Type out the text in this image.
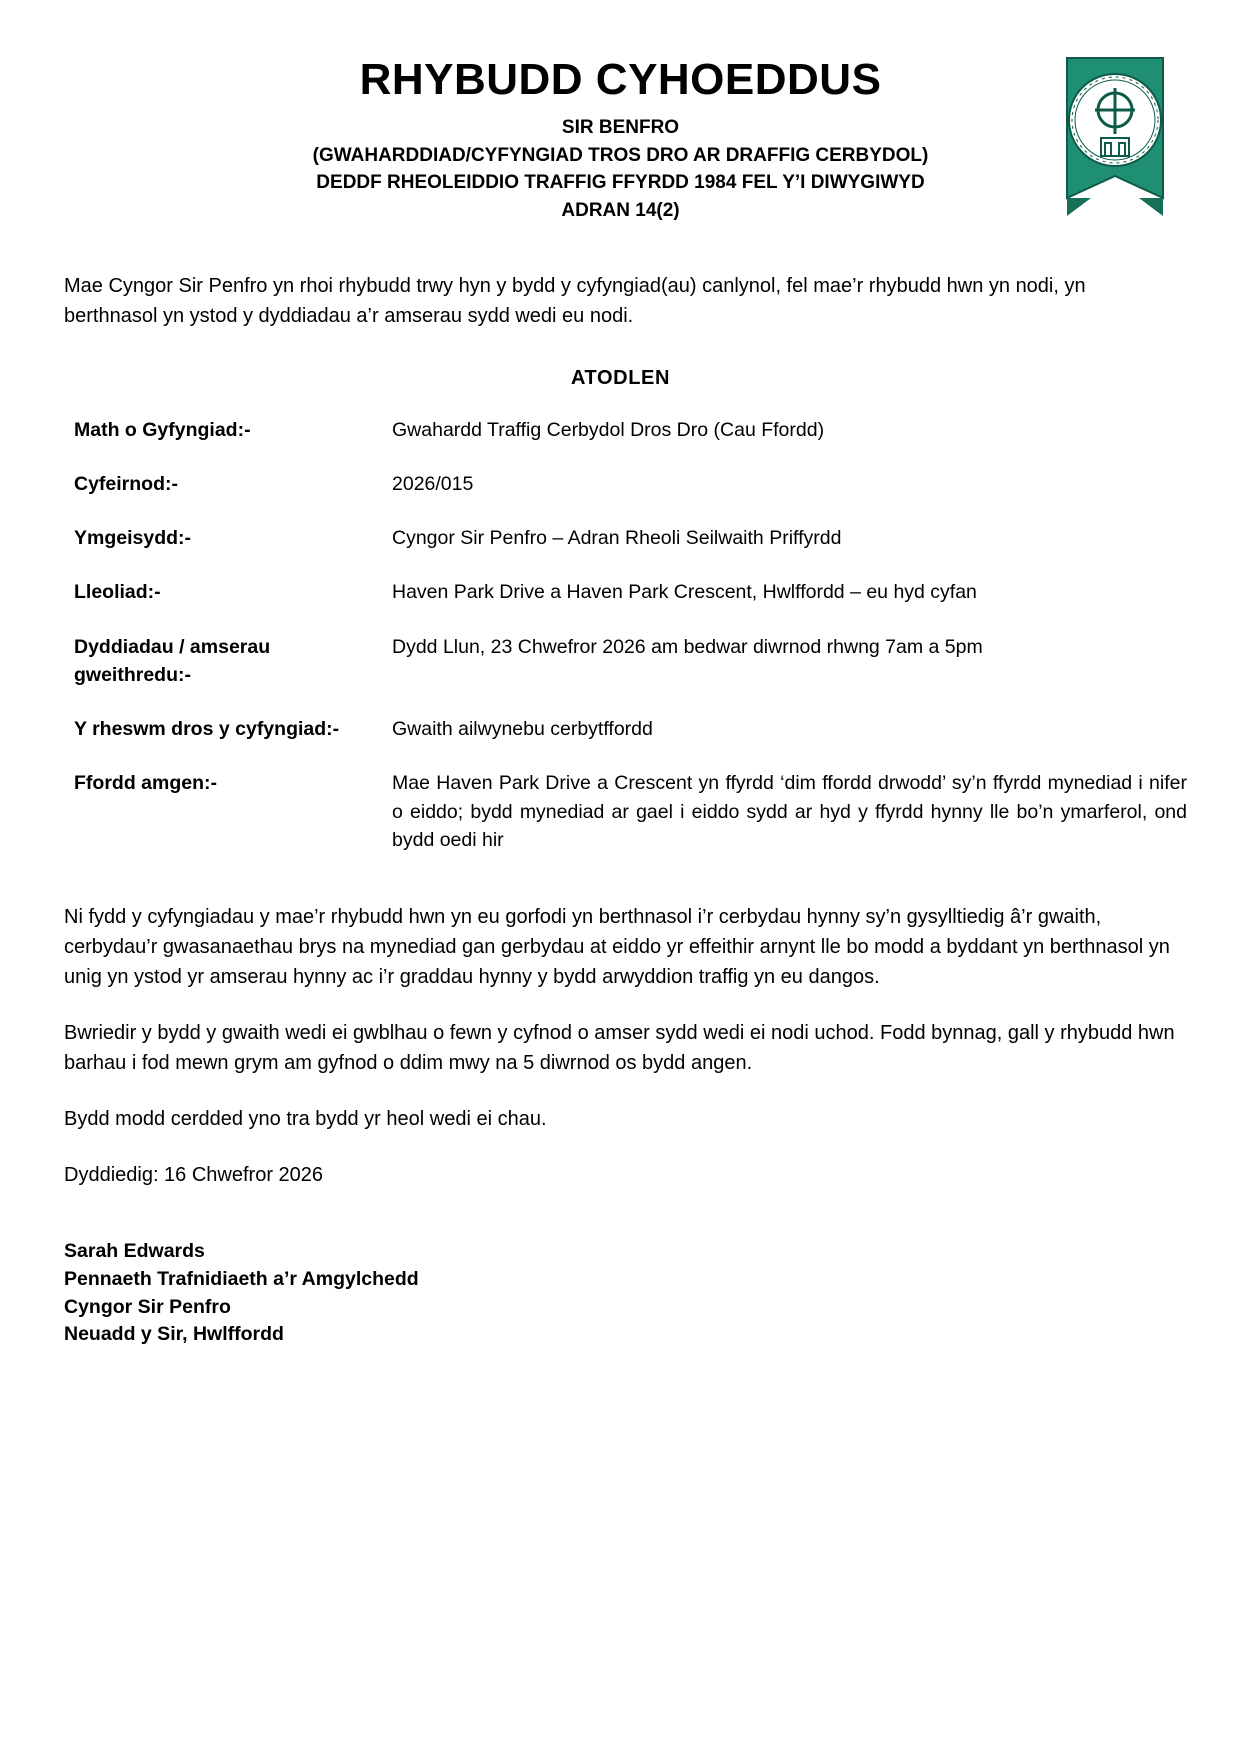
RHYBUDD CYHOEDDUS
SIR BENFRO
(GWAHARDDIAD/CYFYNGIAD TROS DRO AR DRAFFIG CERBYDOL)
DEDDF RHEOLEIDDIO TRAFFIG FFYRDD 1984 FEL Y’I DIWYGIWYD
ADRAN 14(2)
Mae Cyngor Sir Penfro yn rhoi rhybudd trwy hyn y bydd y cyfyngiad(au) canlynol, fel mae’r rhybudd hwn yn nodi, yn berthnasol yn ystod y dyddiadau a’r amserau sydd wedi eu nodi.
ATODLEN
Math o Gyfyngiad:-	Gwahardd Traffig Cerbydol Dros Dro (Cau Ffordd)
Cyfeirnod:-	2026/015
Ymgeisydd:-	Cyngor Sir Penfro – Adran Rheoli Seilwaith Priffyrdd
Lleoliad:-	Haven Park Drive a Haven Park Crescent, Hwlffordd – eu hyd cyfan
Dyddiadau / amserau gweithredu:-	Dydd Llun, 23 Chwefror 2026 am bedwar diwrnod rhwng 7am a 5pm
Y rheswm dros y cyfyngiad:-	Gwaith ailwynebu cerbytffordd
Ffordd amgen:-	Mae Haven Park Drive a Crescent yn ffyrdd ‘dim ffordd drwodd’ sy’n ffyrdd mynediad i nifer o eiddo; bydd mynediad ar gael i eiddo sydd ar hyd y ffyrdd hynny lle bo’n ymarferol, ond bydd oedi hir

Ni fydd y cyfyngiadau y mae’r rhybudd hwn yn eu gorfodi yn berthnasol i’r cerbydau hynny sy’n gysylltiedig â’r gwaith, cerbydau’r gwasanaethau brys na mynediad gan gerbydau at eiddo yr effeithir arnynt lle bo modd a byddant yn berthnasol yn unig yn ystod yr amserau hynny ac i’r graddau hynny y bydd arwyddion traffig yn eu dangos.

Bwriedir y bydd y gwaith wedi ei gwblhau o fewn y cyfnod o amser sydd wedi ei nodi uchod. Fodd bynnag, gall y rhybudd hwn barhau i fod mewn grym am gyfnod o ddim mwy na 5 diwrnod os bydd angen.

Bydd modd cerdded yno tra bydd yr heol wedi ei chau.

Dyddiedig: 16 Chwefror 2026
Sarah Edwards
Pennaeth Trafnidiaeth a’r Amgylchedd
Cyngor Sir Penfro
Neuadd y Sir, Hwlffordd
